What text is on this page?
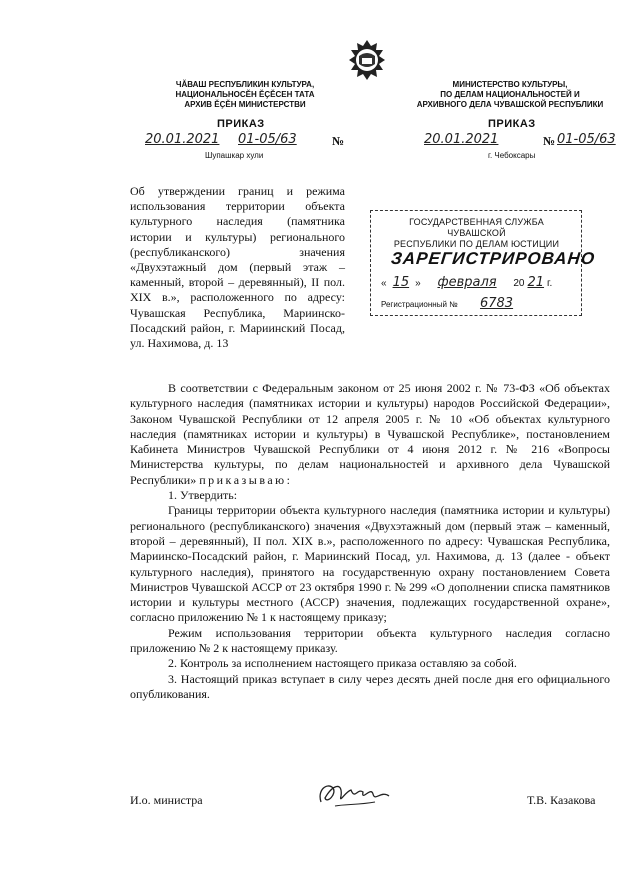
ЧӐВАШ РЕСПУБЛИКИН КУЛЬТУРА,
НАЦИОНАЛЬНОСĔН ĔҪĔСЕН ТАТА
АРХИВ ĔҪĔН МИНИСТЕРСТВИ
ПРИКАЗ
20.01.2021 01-05/63	№
Шупашкар хули
МИНИСТЕРСТВО КУЛЬТУРЫ,
ПО ДЕЛАМ НАЦИОНАЛЬНОСТЕЙ И
АРХИВНОГО ДЕЛА ЧУВАШСКОЙ РЕСПУБЛИКИ
ПРИКАЗ
20.01.2021	№ 01-05/63
г. Чебоксары
Об утверждении границ и режима использования территории объекта культурного наследия (памятника истории и культуры) регионального (республиканского) значения «Двухэтажный дом (первый этаж – каменный, второй – деревянный), II пол. XIX в.», расположенного по адресу: Чувашская Республика, Мариинско-Посадский район, г. Мариинский Посад, ул. Нахимова, д. 13
ГОСУДАРСТВЕННАЯ СЛУЖБА ЧУВАШСКОЙ
РЕСПУБЛИКИ ПО ДЕЛАМ ЮСТИЦИИ
ЗАРЕГИСТРИРОВАНО
« 15 » февраля 20 21 г.
Регистрационный № 6783

В соответствии с Федеральным законом от 25 июня 2002 г. № 73-ФЗ «Об объектах культурного наследия (памятниках истории и культуры) народов Российской Федерации», Законом Чувашской Республики от 12 апреля 2005 г. № 10 «Об объектах культурного наследия (памятниках истории и культуры) в Чувашской Республике», постановлением Кабинета Министров Чувашской Республики от 4 июня 2012 г. № 216 «Вопросы Министерства культуры, по делам национальностей и архивного дела Чувашской Республики» приказываю:

1. Утвердить:

Границы территории объекта культурного наследия (памятника истории и культуры) регионального (республиканского) значения «Двухэтажный дом (первый этаж – каменный, второй – деревянный), II пол. XIX в.», расположенного по адресу: Чувашская Республика, Мариинско-Посадский район, г. Мариинский Посад, ул. Нахимова, д. 13 (далее - объект культурного наследия), принятого на государственную охрану постановлением Совета Министров Чувашской АССР от 23 октября 1990 г. № 299 «О дополнении списка памятников истории и культуры местного (АССР) значения, подлежащих государственной охране», согласно приложению № 1 к настоящему приказу;

Режим использования территории объекта культурного наследия согласно приложению № 2 к настоящему приказу.

2. Контроль за исполнением настоящего приказа оставляю за собой.

3. Настоящий приказ вступает в силу через десять дней после дня его официального опубликования.

И.о. министра	Т.В. Казакова
